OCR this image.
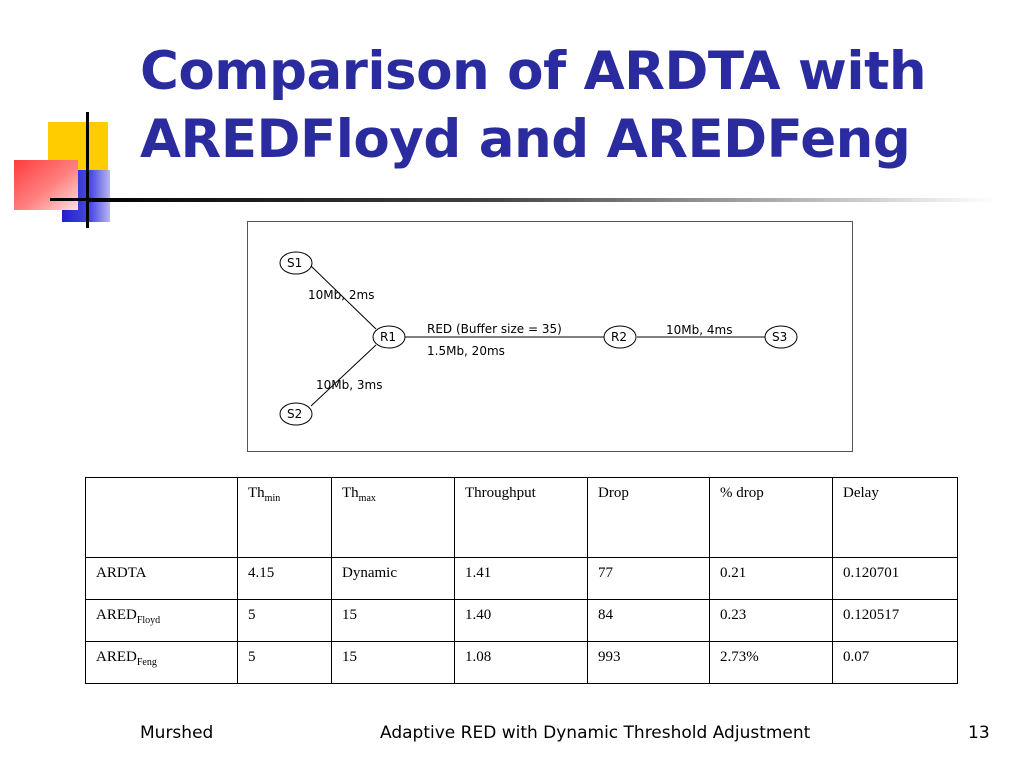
Comparison of ARDTA with
AREDFloyd and AREDFeng
S1
R1
S2
R2	S3
10Mb, 2ms
10Mb, 3ms
RED (Buffer size = 35)
1.5Mb, 20ms
10Mb, 4ms
	$Th_{min}$	$Th_{max}$	Throughput	Drop	% drop	Delay
ARDTA	4.15	Dynamic	1.41	77	0.21	0.120701
$ARED_{Floyd}$	5	15	1.40	84	0.23	0.120517
$ARED_{Feng}$	5	15	1.08	993	2.73%	0.07
Murshed	Adaptive RED with Dynamic Threshold Adjustment	13
